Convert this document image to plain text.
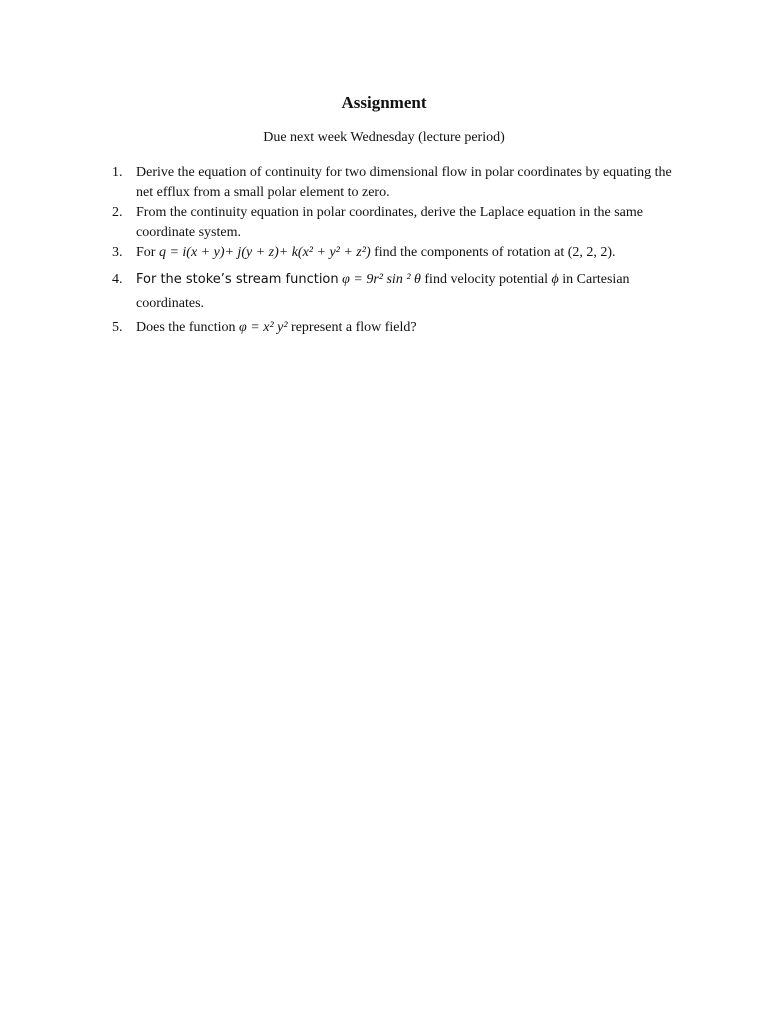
Assignment
Due next week Wednesday (lecture period)
1. Derive the equation of continuity for two dimensional flow in polar coordinates by equating the net efflux from a small polar element to zero.
2. From the continuity equation in polar coordinates, derive the Laplace equation in the same coordinate system.
3. For q = i(x + y)+ j(y + z)+ k(x² + y² + z²) find the components of rotation at (2, 2, 2).
4. For the stoke’s stream function φ = 9r² sin ² θ find velocity potential ϕ in Cartesian coordinates.
5. Does the function φ = x² y² represent a flow field?
